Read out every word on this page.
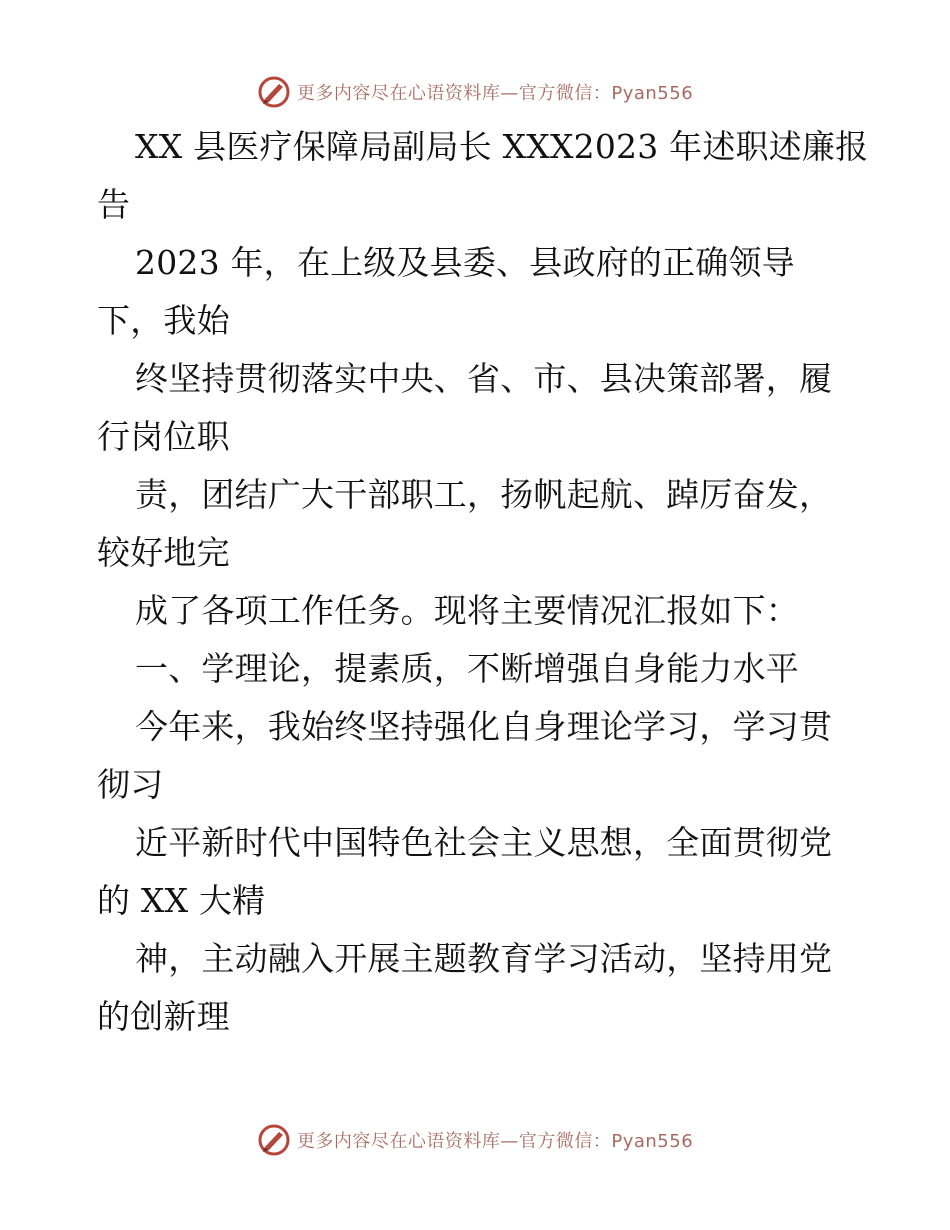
更多内容尽在心语资料库—官方微信：Pyan556
XX 县医疗保障局副局长 XXX2023 年述职述廉报
告
2023 年，在上级及县委、县政府的正确领导
下，我始
终坚持贯彻落实中央、省、市、县决策部署，履
行岗位职
责，团结广大干部职工，扬帆起航、踔厉奋发，
较好地完
成了各项工作任务。现将主要情况汇报如下：
一、学理论，提素质，不断增强自身能力水平
今年来，我始终坚持强化自身理论学习，学习贯
彻习
近平新时代中国特色社会主义思想，全面贯彻党
的 XX 大精
神，主动融入开展主题教育学习活动，坚持用党
的创新理
更多内容尽在心语资料库—官方微信：Pyan556
